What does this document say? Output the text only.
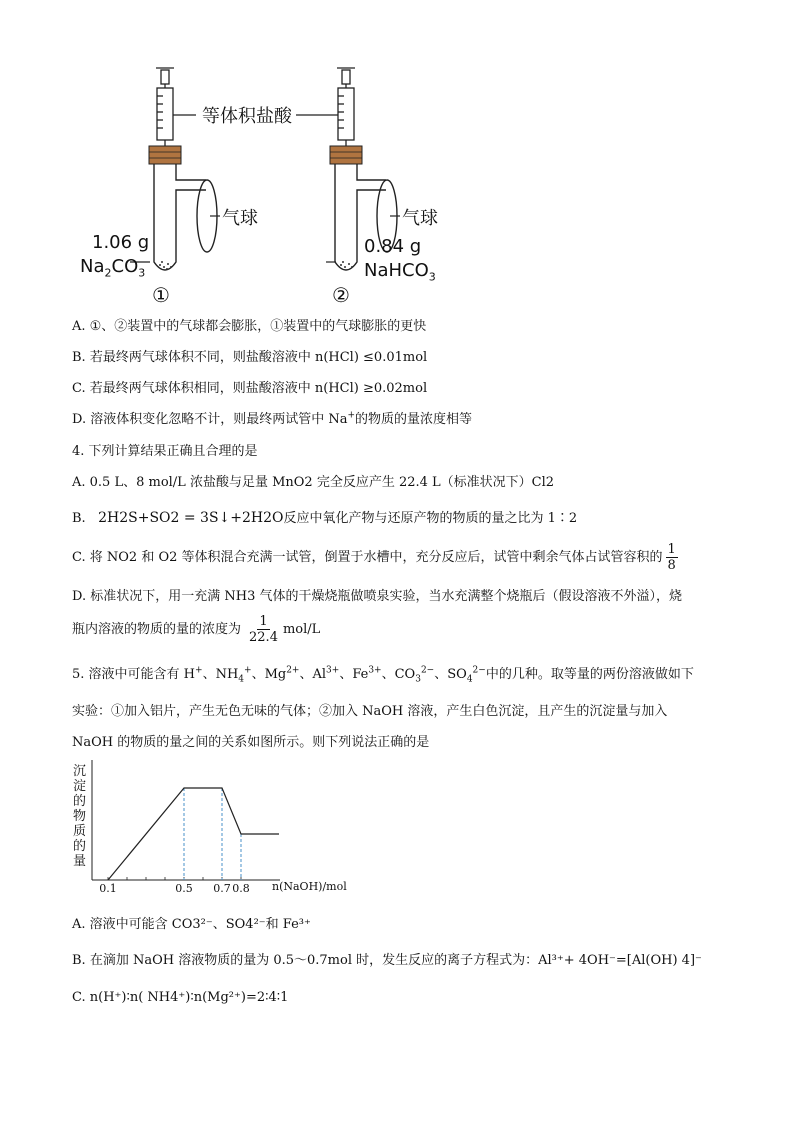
等体积盐酸
气球	气球
1.06 g
$Na_2CO_3$
0.84 g
NaHCO$_3$
①	②
A. ①、②装置中的气球都会膨胀，①装置中的气球膨胀的更快
B. 若最终两气球体积不同，则盐酸溶液中 n(HCl) ≤0.01mol
C. 若最终两气球体积相同，则盐酸溶液中 n(HCl) ≥0.02mol
D. 溶液体积变化忽略不计，则最终两试管中 Na+的物质的量浓度相等
4. 下列计算结果正确且合理的是
A. 0.5 L、8 mol/L 浓盐酸与足量 MnO2 完全反应产生 22.4 L（标准状况下）Cl2
B.   2H2S+SO2 = 3S↓+2H2O反应中氧化产物与还原产物的物质的量之比为 1∶2
C. 将 NO2 和 O2 等体积混合充满一试管，倒置于水槽中，充分反应后，试管中剩余气体占试管容积的 $\frac{1}{8}$
D. 标准状况下，用一充满 NH3 气体的干燥烧瓶做喷泉实验，当水充满整个烧瓶后（假设溶液不外溢），烧
瓶内溶液的物质的量的浓度为 $\frac{1}{22.4} mol/L$
5. 溶液中可能含有 H+、$NH_4^+$、$Mg^{2+}$、$Al^{3+}$、$Fe^{3+}$、$CO_3^{2-}$、$SO_4^{2-}$中的几种。取等量的两份溶液做如下
实验：①加入铝片，产生无色无味的气体；②加入 NaOH 溶液，产生白色沉淀，且产生的沉淀量与加入
NaOH 的物质的量之间的关系如图所示。则下列说法正确的是
沉淀的物质的量
0.1	0.5 0.7 0.8 n(NaOH)/mol
A. 溶液中可能含 CO3²⁻、SO4²⁻和 Fe³⁺
B. 在滴加 NaOH 溶液物质的量为 0.5～0.7mol 时，发生反应的离子方程式为：Al³⁺+ 4OH⁻=[Al(OH) 4]⁻
C. n(H⁺)∶n( NH4⁺)∶n(Mg²⁺)=2∶4∶1
